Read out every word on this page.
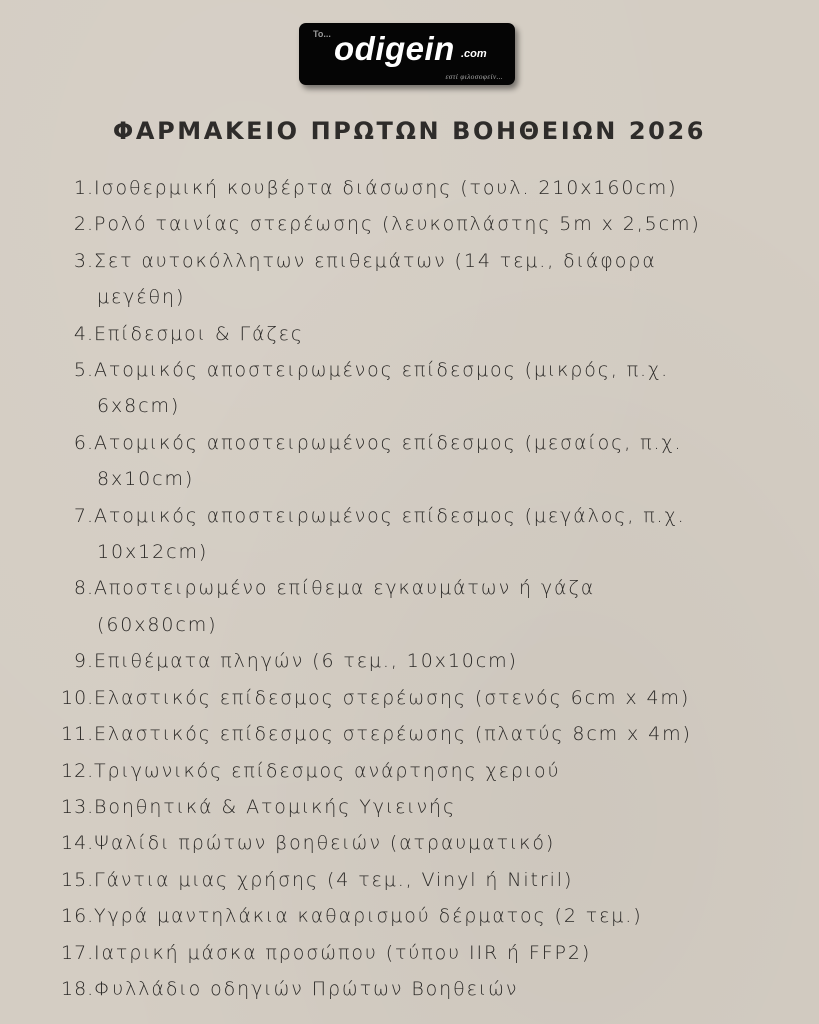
To... odigein .com
εστί φιλοσοφείν...
ΦΑΡΜΑΚΕΙΟ ΠΡΩΤΩΝ ΒΟΗΘΕΙΩΝ 2026
1. Ισοθερμική κουβέρτα διάσωσης (τουλ. 210x160cm)
2. Ρολό ταινίας στερέωσης (λευκοπλάστης 5m x 2,5cm)
3. Σετ αυτοκόλλητων επιθεμάτων (14 τεμ., διάφορα
μεγέθη)
4. Επίδεσμοι & Γάζες
5. Ατομικός αποστειρωμένος επίδεσμος (μικρός, π.χ.
6x8cm)
6. Ατομικός αποστειρωμένος επίδεσμος (μεσαίος, π.χ.
8x10cm)
7. Ατομικός αποστειρωμένος επίδεσμος (μεγάλος, π.χ.
10x12cm)
8. Αποστειρωμένο επίθεμα εγκαυμάτων ή γάζα
(60x80cm)
9. Επιθέματα πληγών (6 τεμ., 10x10cm)
10. Ελαστικός επίδεσμος στερέωσης (στενός 6cm x 4m)
11. Ελαστικός επίδεσμος στερέωσης (πλατύς 8cm x 4m)
12. Τριγωνικός επίδεσμος ανάρτησης χεριού
13. Βοηθητικά & Ατομικής Υγιεινής
14. Ψαλίδι πρώτων βοηθειών (ατραυματικό)
15. Γάντια μιας χρήσης (4 τεμ., Vinyl ή Nitril)
16. Υγρά μαντηλάκια καθαρισμού δέρματος (2 τεμ.)
17. Ιατρική μάσκα προσώπου (τύπου IIR ή FFP2)
18. Φυλλάδιο οδηγιών Πρώτων Βοηθειών
